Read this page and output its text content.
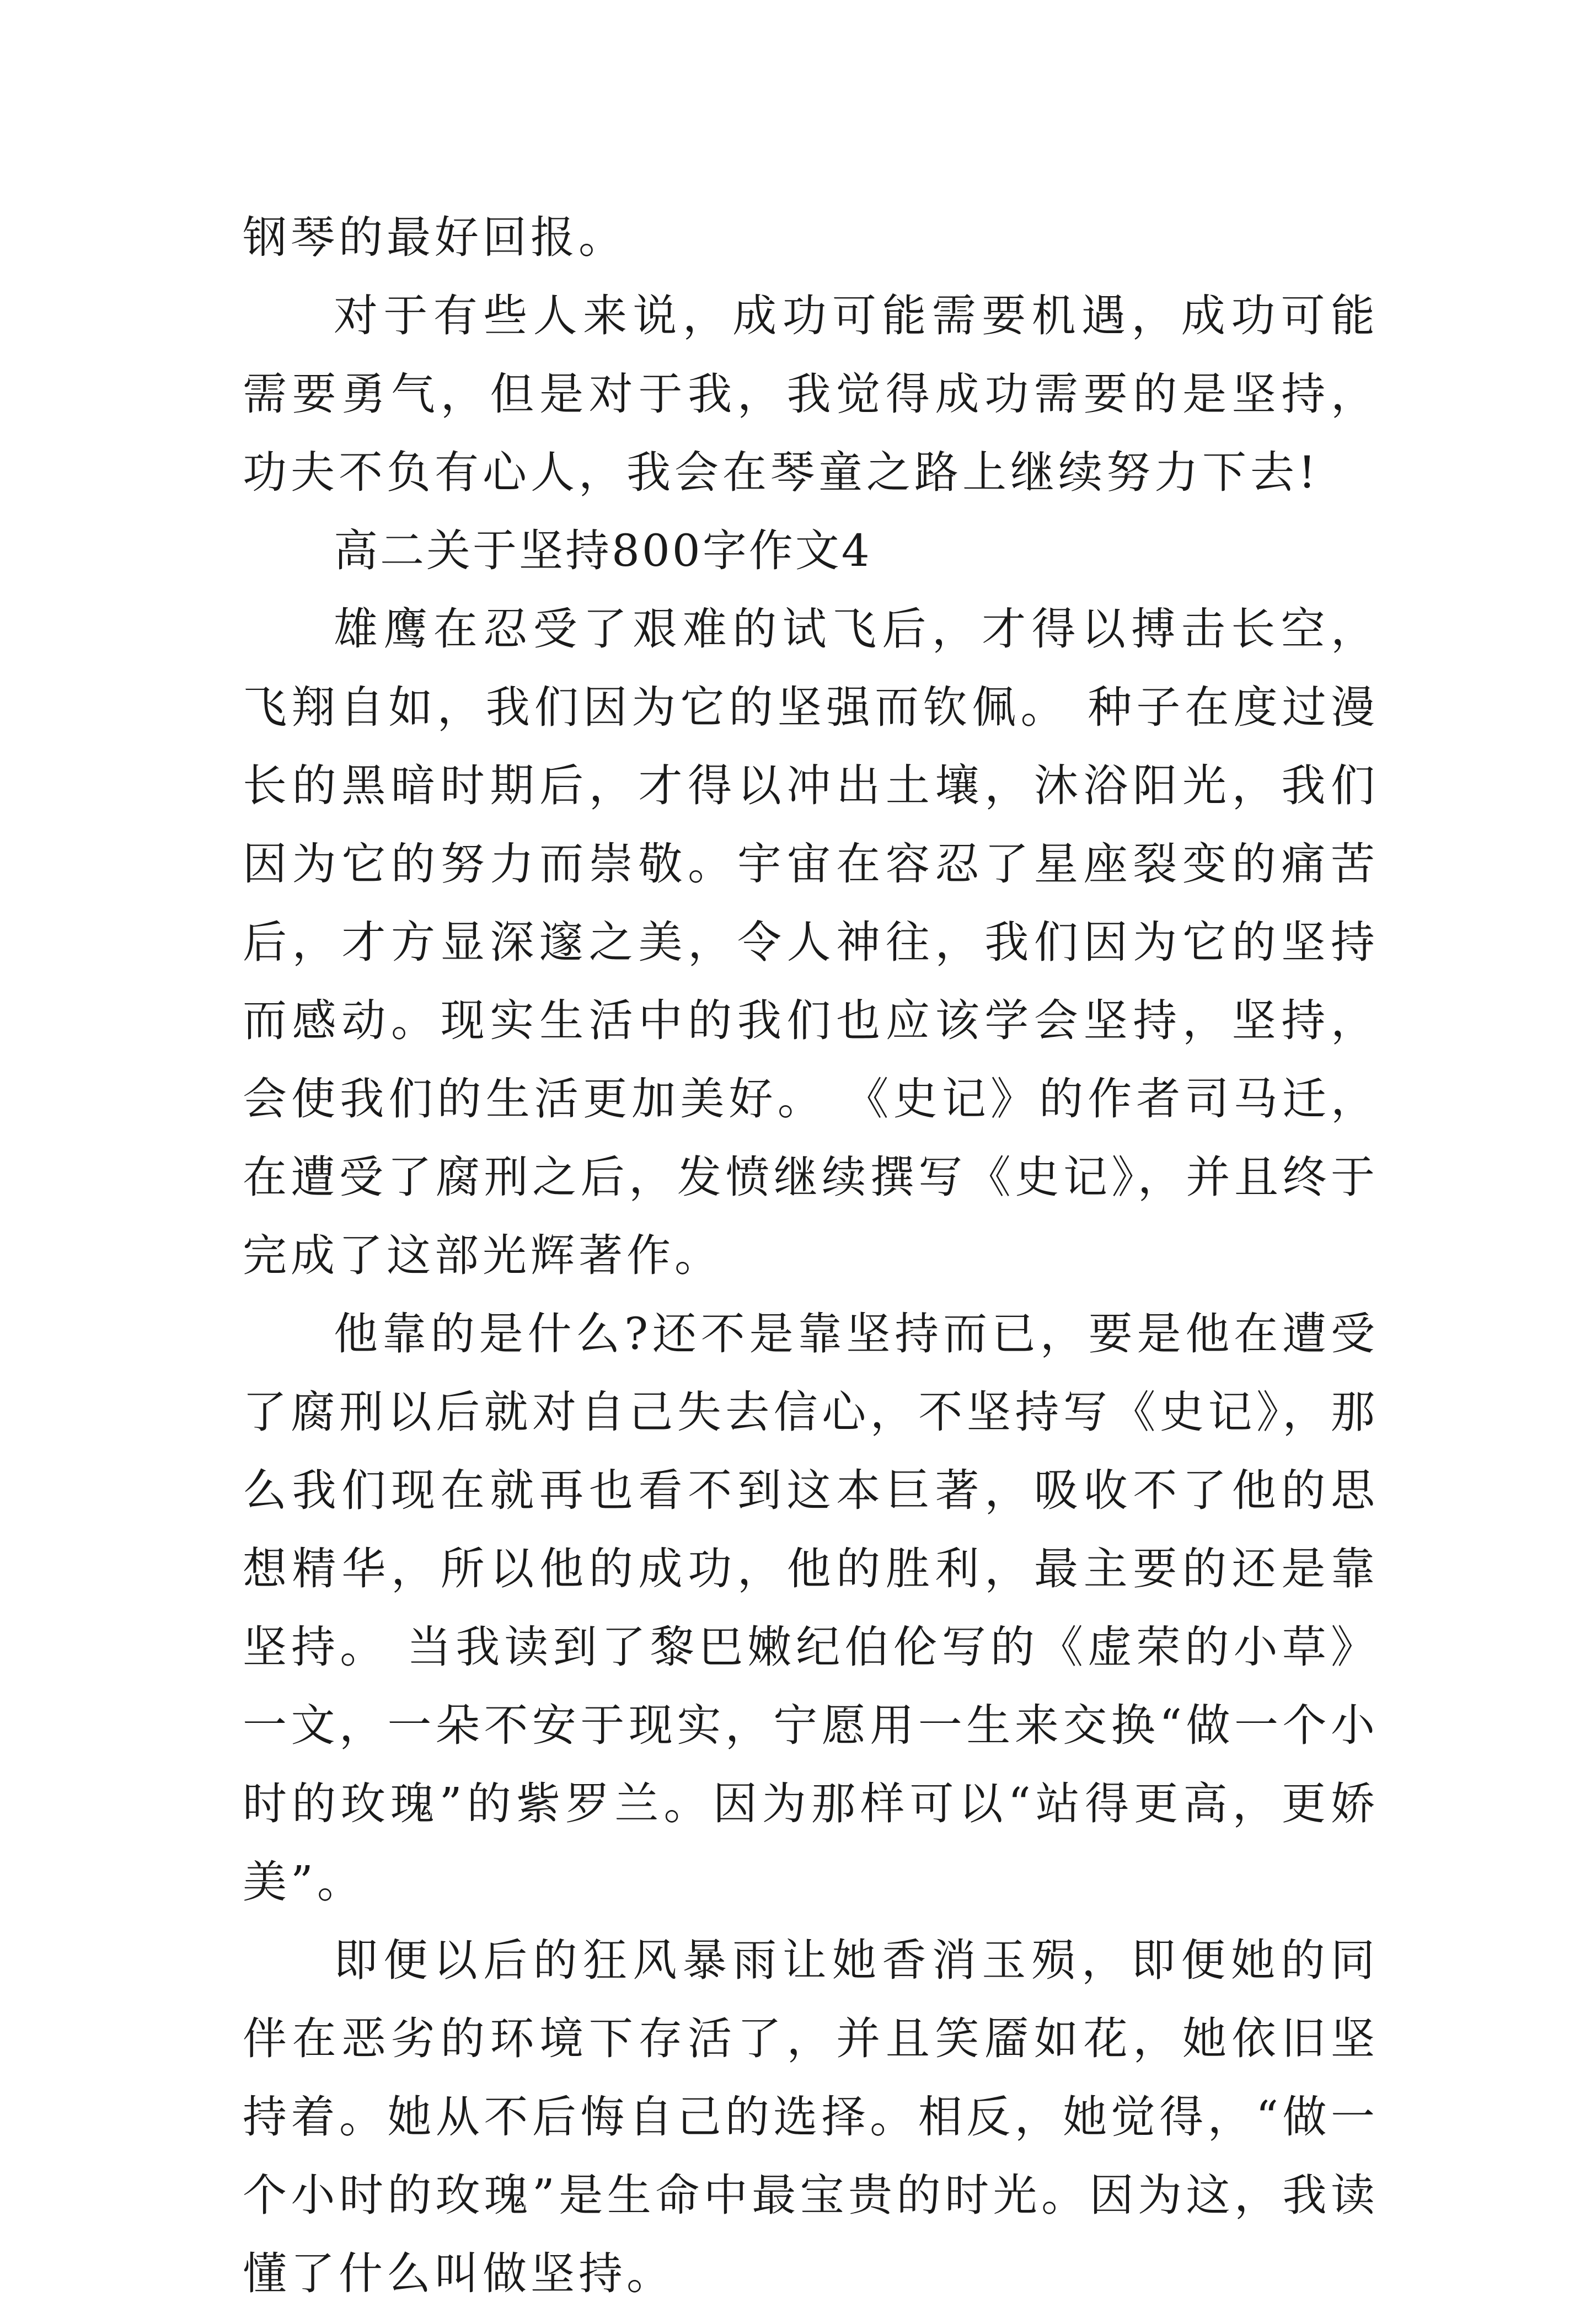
钢琴的最好回报。

对于有些人来说，成功可能需要机遇，成功可能需要勇气，但是对于我，我觉得成功需要的是坚持，功夫不负有心人，我会在琴童之路上继续努力下去!

高二关于坚持800字作文4

雄鹰在忍受了艰难的试飞后，才得以搏击长空，飞翔自如，我们因为它的坚强而钦佩。 种子在度过漫长的黑暗时期后，才得以冲出土壤，沐浴阳光，我们因为它的努力而崇敬。宇宙在容忍了星座裂变的痛苦后，才方显深邃之美，令人神往，我们因为它的坚持而感动。现实生活中的我们也应该学会坚持，坚持，会使我们的生活更加美好。 《史记》的作者司马迁，在遭受了腐刑之后，发愤继续撰写《史记》，并且终于完成了这部光辉著作。

他靠的是什么?还不是靠坚持而已，要是他在遭受了腐刑以后就对自己失去信心，不坚持写《史记》，那么我们现在就再也看不到这本巨著，吸收不了他的思想精华，所以他的成功，他的胜利，最主要的还是靠坚持。 当我读到了黎巴嫩纪伯伦写的《虚荣的小草》一文，一朵不安于现实，宁愿用一生来交换“做一个小时的玫瑰”的紫罗兰。因为那样可以“站得更高，更娇美”。

即便以后的狂风暴雨让她香消玉殒，即便她的同伴在恶劣的环境下存活了，并且笑靥如花，她依旧坚持着。她从不后悔自己的选择。相反，她觉得，“做一个小时的玫瑰”是生命中最宝贵的时光。因为这，我读懂了什么叫做坚持。
